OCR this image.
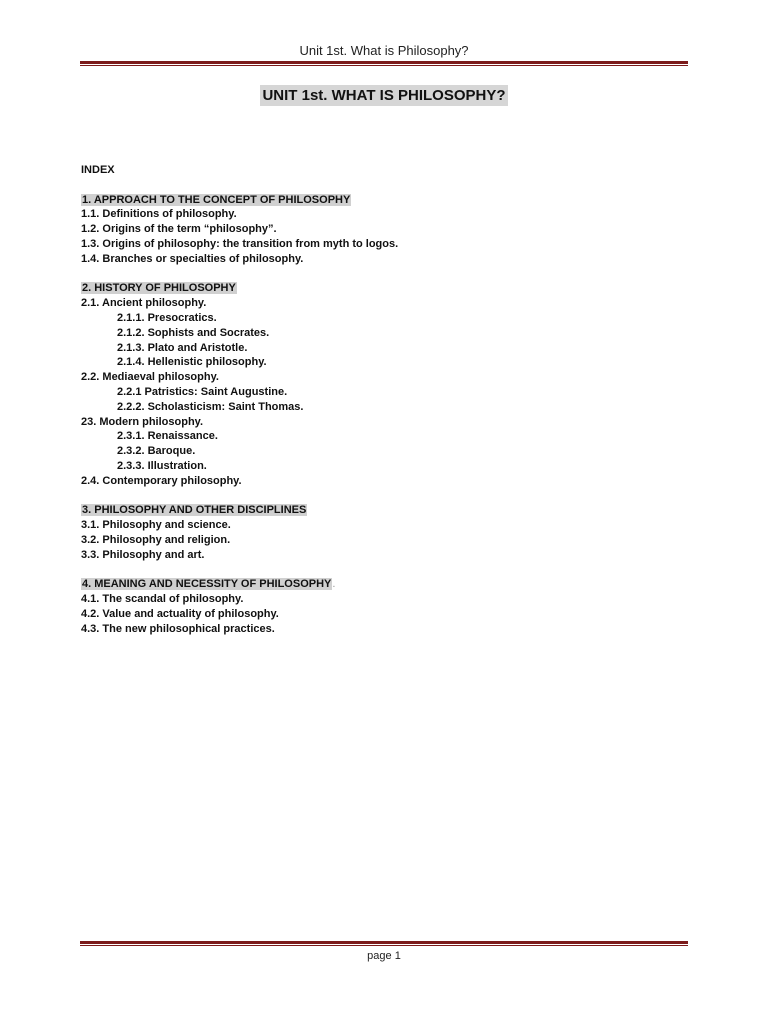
Unit 1st. What is Philosophy?
UNIT 1st. WHAT IS PHILOSOPHY?
INDEX
1. APPROACH TO THE CONCEPT OF PHILOSOPHY
1.1. Definitions of philosophy.
1.2. Origins of the term “philosophy”.
1.3. Origins of philosophy: the transition from myth to logos.
1.4. Branches or specialties of philosophy.
2. HISTORY OF PHILOSOPHY
2.1. Ancient philosophy.
2.1.1. Presocratics.
2.1.2. Sophists and Socrates.
2.1.3. Plato and Aristotle.
2.1.4. Hellenistic philosophy.
2.2. Mediaeval philosophy.
2.2.1 Patristics: Saint Augustine.
2.2.2. Scholasticism: Saint Thomas.
23. Modern philosophy.
2.3.1. Renaissance.
2.3.2. Baroque.
2.3.3. Illustration.
2.4. Contemporary philosophy.
3. PHILOSOPHY AND OTHER DISCIPLINES
3.1. Philosophy and science.
3.2. Philosophy and religion.
3.3. Philosophy and art.
4. MEANING AND NECESSITY OF PHILOSOPHY.
4.1. The scandal of philosophy.
4.2. Value and actuality of philosophy.
4.3. The new philosophical practices.
page 1
